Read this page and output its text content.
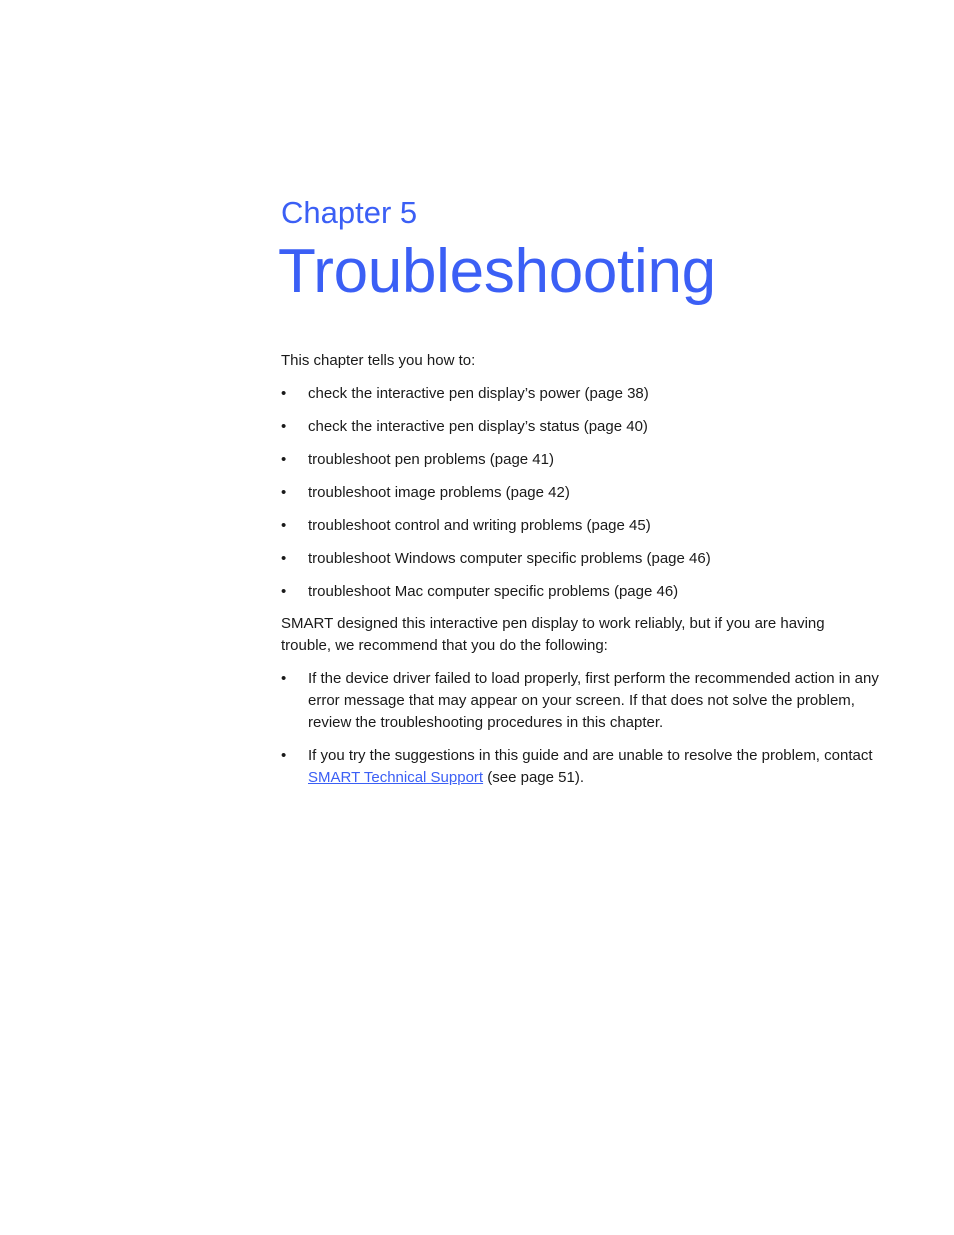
Chapter 5
Troubleshooting

This chapter tells you how to:

• check the interactive pen display’s power (page 38)
• check the interactive pen display’s status (page 40)
• troubleshoot pen problems (page 41)
• troubleshoot image problems (page 42)
• troubleshoot control and writing problems (page 45)
• troubleshoot Windows computer specific problems (page 46)
• troubleshoot Mac computer specific problems (page 46)

SMART designed this interactive pen display to work reliably, but if you are having trouble, we recommend that you do the following:

• If the device driver failed to load properly, first perform the recommended action in any error message that may appear on your screen. If that does not solve the problem, review the troubleshooting procedures in this chapter.
• If you try the suggestions in this guide and are unable to resolve the problem, contact SMART Technical Support (see page 51).
